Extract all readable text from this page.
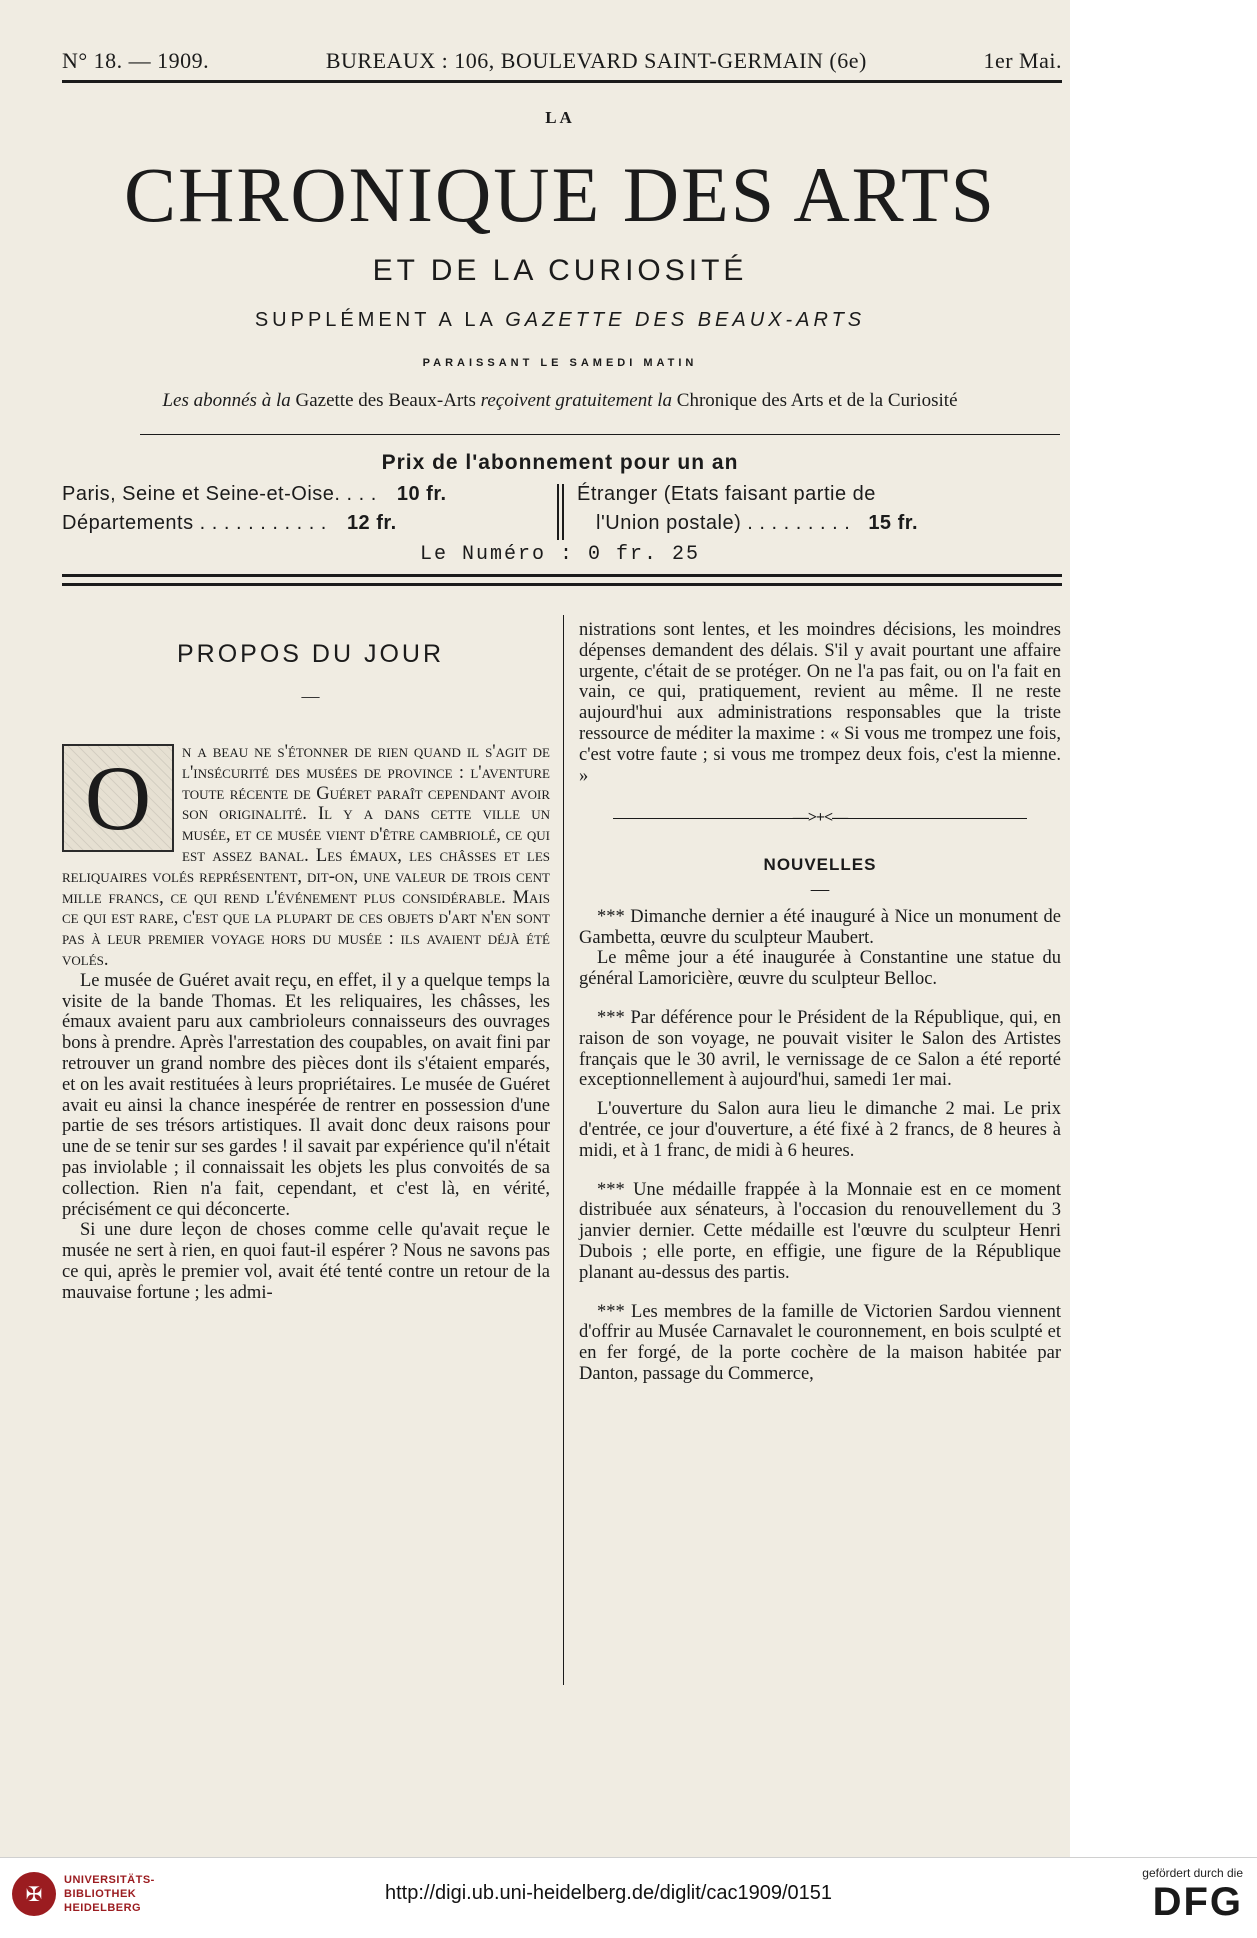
N° 18. — 1909.	BUREAUX : 106, BOULEVARD SAINT-GERMAIN (6e)	1er Mai.
LA
CHRONIQUE DES ARTS
ET DE LA CURIOSITÉ
SUPPLÉMENT A LA GAZETTE DES BEAUX-ARTS
PARAISSANT LE SAMEDI MATIN
Les abonnés à la Gazette des Beaux-Arts reçoivent gratuitement la Chronique des Arts et de la Curiosité
Prix de l'abonnement pour un an
Paris, Seine et Seine-et-Oise. . . . 10 fr.
Départements . . . . . . . . . . . 12 fr.
Étranger (Etats faisant partie de
l'Union postale) . . . . . . . . . 15 fr.
Le Numéro : 0 fr. 25
PROPOS DU JOUR
—

O	n a beau ne s'étonner de rien quand il s'agit de l'insécurité des musées de province : l'aventure toute récente de Guéret paraît cependant avoir son originalité. Il y a dans cette ville un musée, et ce musée vient d'être cambriolé, ce qui est assez banal. Les émaux, les châsses et les reliquaires volés représentent, dit-on, une valeur de trois cent mille francs, ce qui rend l'événement plus considérable. Mais ce qui est rare, c'est que la plupart de ces objets d'art n'en sont pas à leur premier voyage hors du musée : ils avaient déjà été volés.

Le musée de Guéret avait reçu, en effet, il y a quelque temps la visite de la bande Thomas. Et les reliquaires, les châsses, les émaux avaient paru aux cambrioleurs connaisseurs des ouvrages bons à prendre. Après l'arrestation des coupables, on avait fini par retrouver un grand nombre des pièces dont ils s'étaient emparés, et on les avait restituées à leurs propriétaires. Le musée de Guéret avait eu ainsi la chance inespérée de rentrer en possession d'une partie de ses trésors artistiques. Il avait donc deux raisons pour une de se tenir sur ses gardes ! il savait par expérience qu'il n'était pas inviolable ; il connaissait les objets les plus convoités de sa collection. Rien n'a fait, cependant, et c'est là, en vérité, précisément ce qui déconcerte.

Si une dure leçon de choses comme celle qu'avait reçue le musée ne sert à rien, en quoi faut-il espérer ? Nous ne savons pas ce qui, après le premier vol, avait été tenté contre un retour de la mauvaise fortune ; les admi-

nistrations sont lentes, et les moindres décisions, les moindres dépenses demandent des délais. S'il y avait pourtant une affaire urgente, c'était de se protéger. On ne l'a pas fait, ou on l'a fait en vain, ce qui, pratiquement, revient au même. Il ne reste aujourd'hui aux administrations responsables que la triste ressource de méditer la maxime : « Si vous me trompez une fois, c'est votre faute ; si vous me trompez deux fois, c'est la mienne. »

—>+<—
NOUVELLES
—

*** Dimanche dernier a été inauguré à Nice un monument de Gambetta, œuvre du sculpteur Maubert.

Le même jour a été inaugurée à Constantine une statue du général Lamoricière, œuvre du sculpteur Belloc.

*** Par déférence pour le Président de la République, qui, en raison de son voyage, ne pouvait visiter le Salon des Artistes français que le 30 avril, le vernissage de ce Salon a été reporté exceptionnellement à aujourd'hui, samedi 1er mai.

L'ouverture du Salon aura lieu le dimanche 2 mai. Le prix d'entrée, ce jour d'ouverture, a été fixé à 2 francs, de 8 heures à midi, et à 1 franc, de midi à 6 heures.

*** Une médaille frappée à la Monnaie est en ce moment distribuée aux sénateurs, à l'occasion du renouvellement du 3 janvier dernier. Cette médaille est l'œuvre du sculpteur Henri Dubois ; elle porte, en effigie, une figure de la République planant au-dessus des partis.

*** Les membres de la famille de Victorien Sardou viennent d'offrir au Musée Carnavalet le couronnement, en bois sculpté et en fer forgé, de la porte cochère de la maison habitée par Danton, passage du Commerce,

✠
UNIVERSITÄTS-
BIBLIOTHEK
HEIDELBERG
http://digi.ub.uni-heidelberg.de/diglit/cac1909/0151
gefördert durch die
DFG
